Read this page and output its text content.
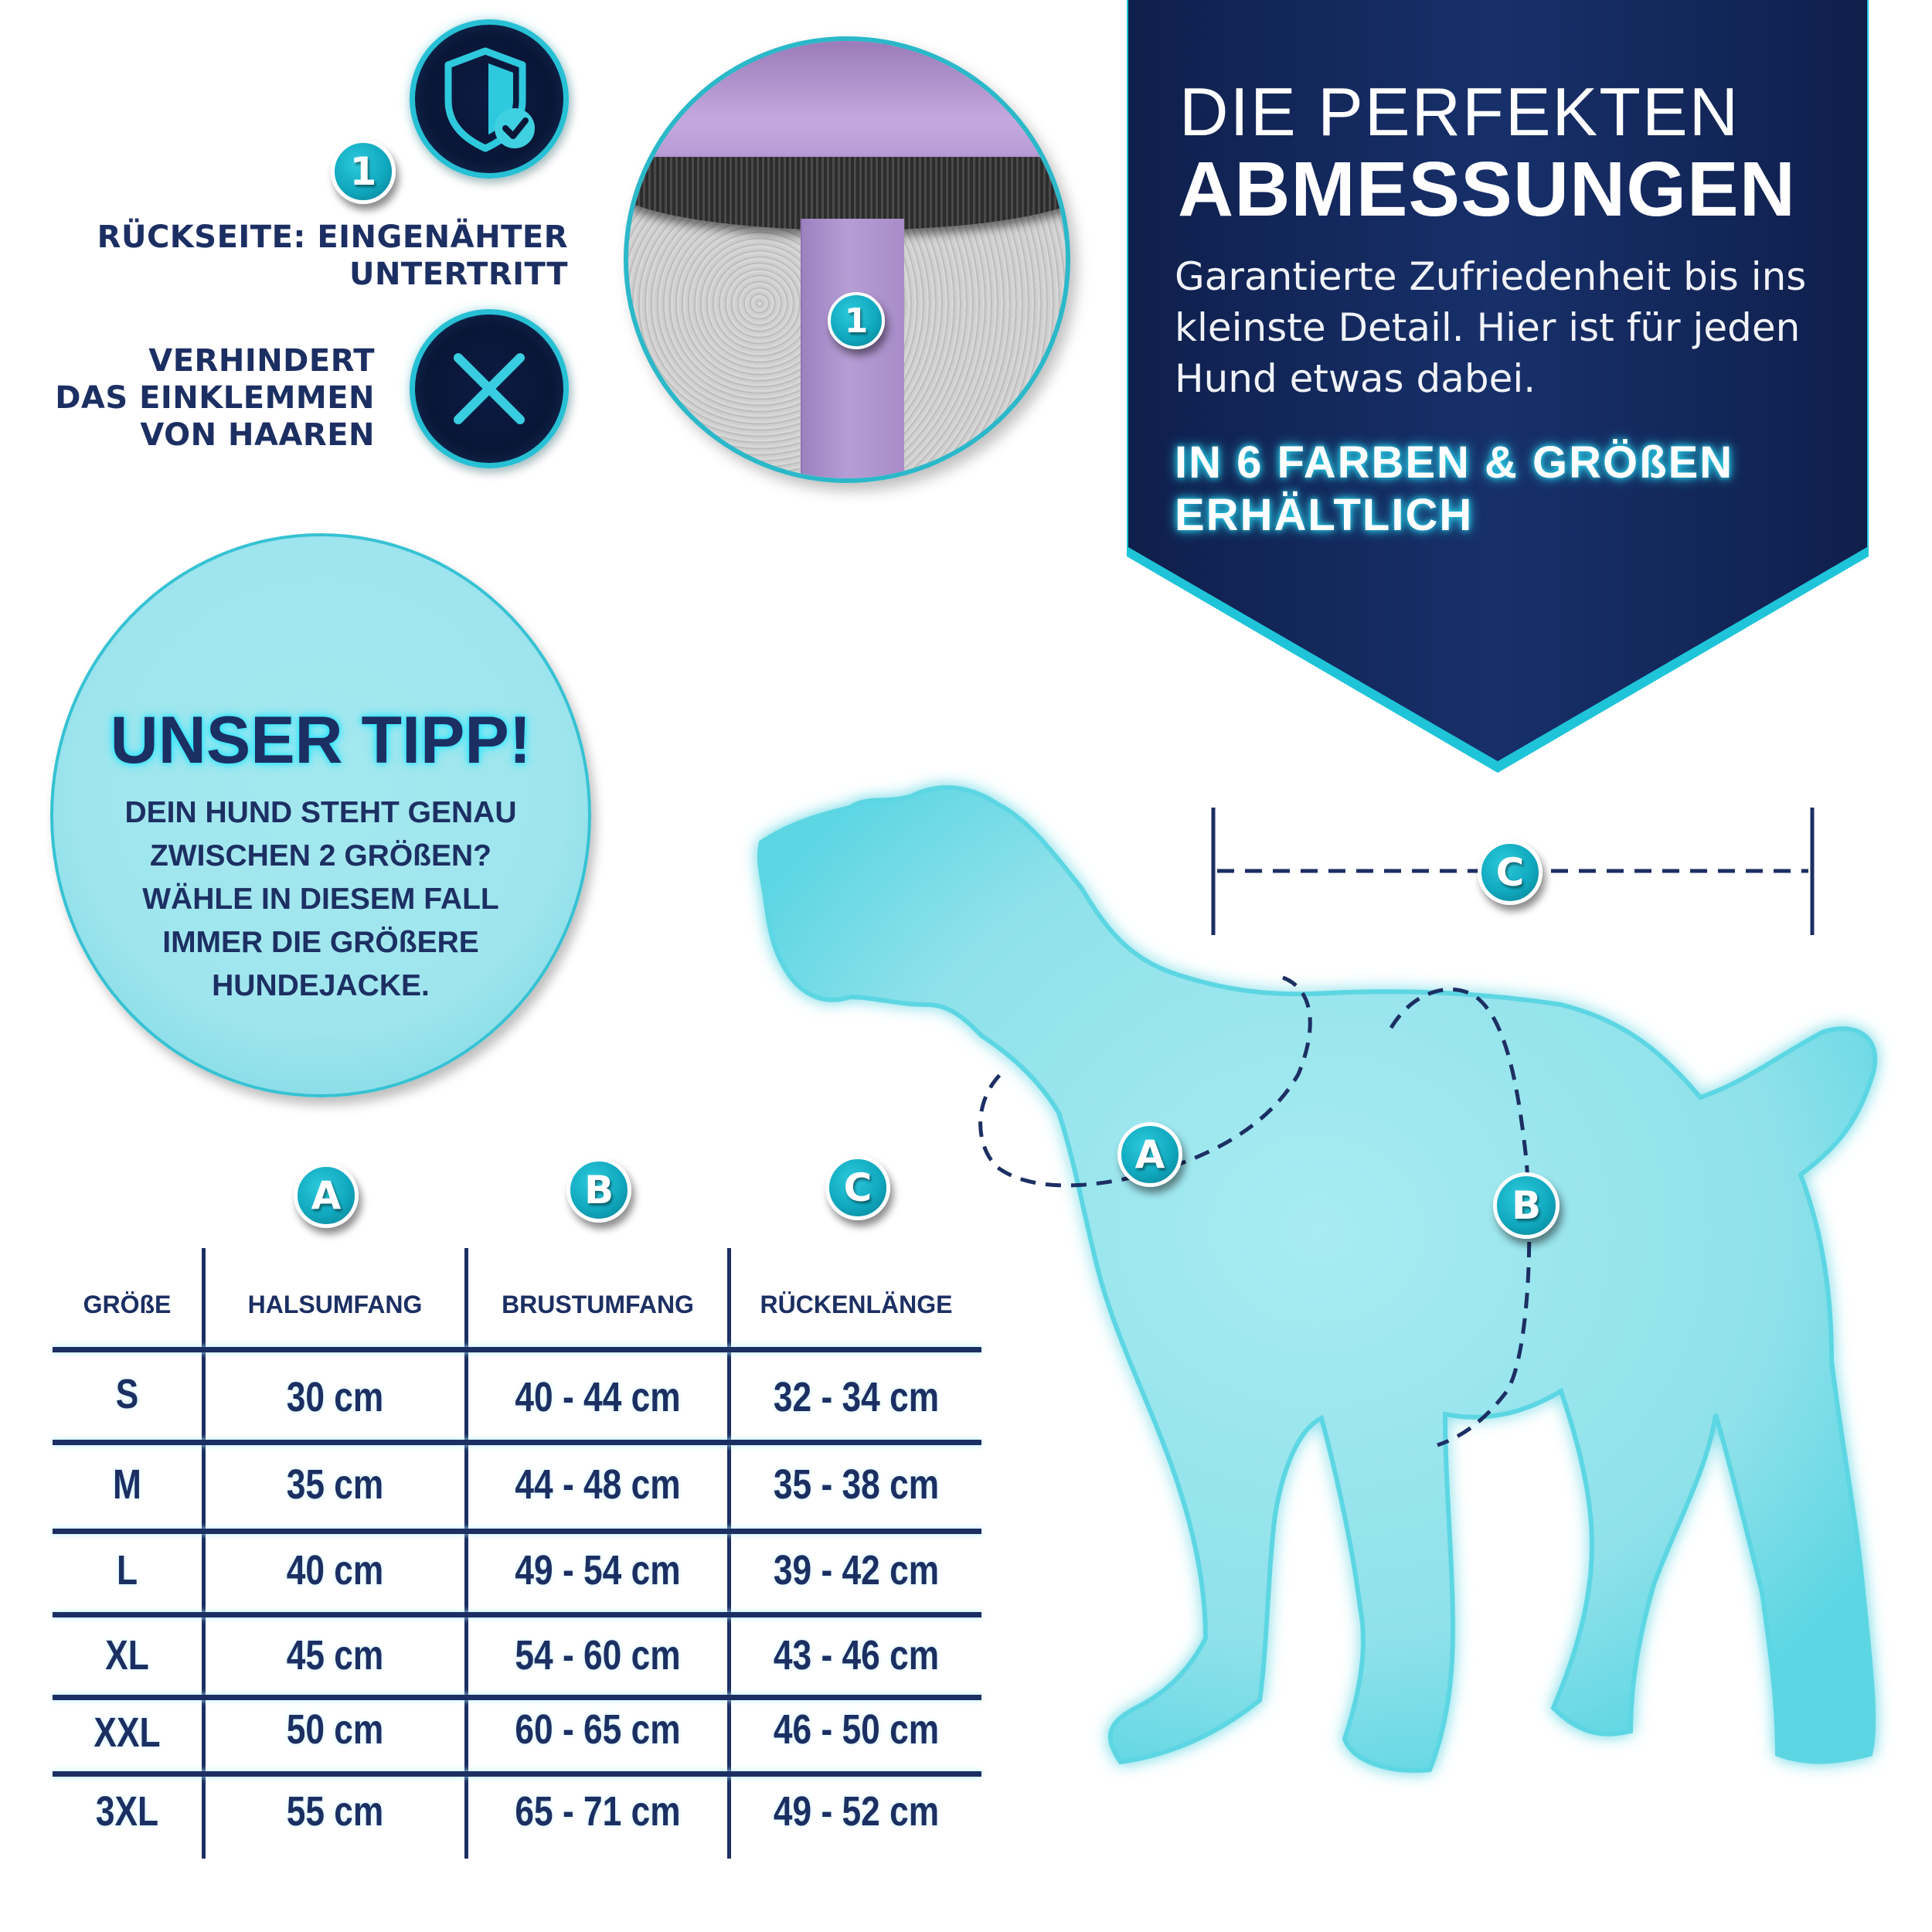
1
RÜCKSEITE: EINGENÄHTER
UNTERTRITT
VERHINDERT
DAS EINKLEMMEN
VON HAAREN
1
DIE PERFEKTEN
ABMESSUNGEN
Garantierte Zufriedenheit bis ins kleinste Detail. Hier ist für jeden Hund etwas dabei.
IN 6 FARBEN & GRÖßEN
ERHÄLTLICH
UNSER TIPP!
DEIN HUND STEHT GENAU
ZWISCHEN 2 GRÖßEN?
WÄHLE IN DIESEM FALL
IMMER DIE GRÖßERE
HUNDEJACKE.
C
A
B
A	B	C
GRÖßE	HALSUMFANG	BRUSTUMFANG	RÜCKENLÄNGE
S	30 cm	40 - 44 cm	32 - 34 cm
M	35 cm	44 - 48 cm	35 - 38 cm
L	40 cm	49 - 54 cm	39 - 42 cm
XL	45 cm	54 - 60 cm	43 - 46 cm
XXL	50 cm	60 - 65 cm	46 - 50 cm
3XL	55 cm	65 - 71 cm	49 - 52 cm
